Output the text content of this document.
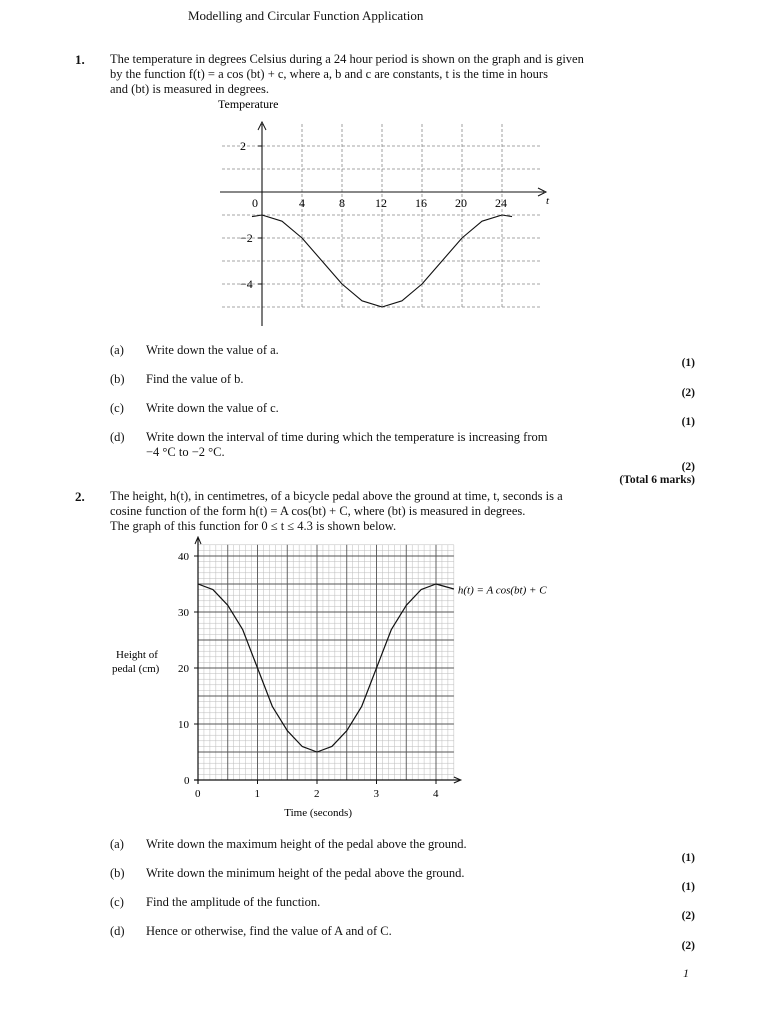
Modelling and Circular Function Application
1. The temperature in degrees Celsius during a 24 hour period is shown on the graph and is given
by the function f(t) = a cos (bt) + c, where a, b and c are constants, t is the time in hours
and (bt) is measured in degrees.
Temperature
t
0	4	8	12 16 20 24
2
−2
−4
(a) Write down the value of a.
(1)
(b) Find the value of b.
(2)
(c) Write down the value of c.
(1)
(d) Write down the interval of time during which the temperature is increasing from
−4 °C to −2 °C.
(2)
(Total 6 marks)
2. The height, h(t), in centimetres, of a bicycle pedal above the ground at time, t, seconds is a
cosine function of the form h(t) = A cos(bt) + C, where (bt) is measured in degrees.
The graph of this function for 0 ≤ t ≤ 4.3 is shown below.
0	1	2	3	4
0
10
20
30
40
Time (seconds)
Height of
pedal (cm)
h(t) = A cos(bt) + C
(a) Write down the maximum height of the pedal above the ground.
(1)
(b) Write down the minimum height of the pedal above the ground.
(1)
(c) Find the amplitude of the function.
(2)
(d) Hence or otherwise, find the value of A and of C.
(2)
1
